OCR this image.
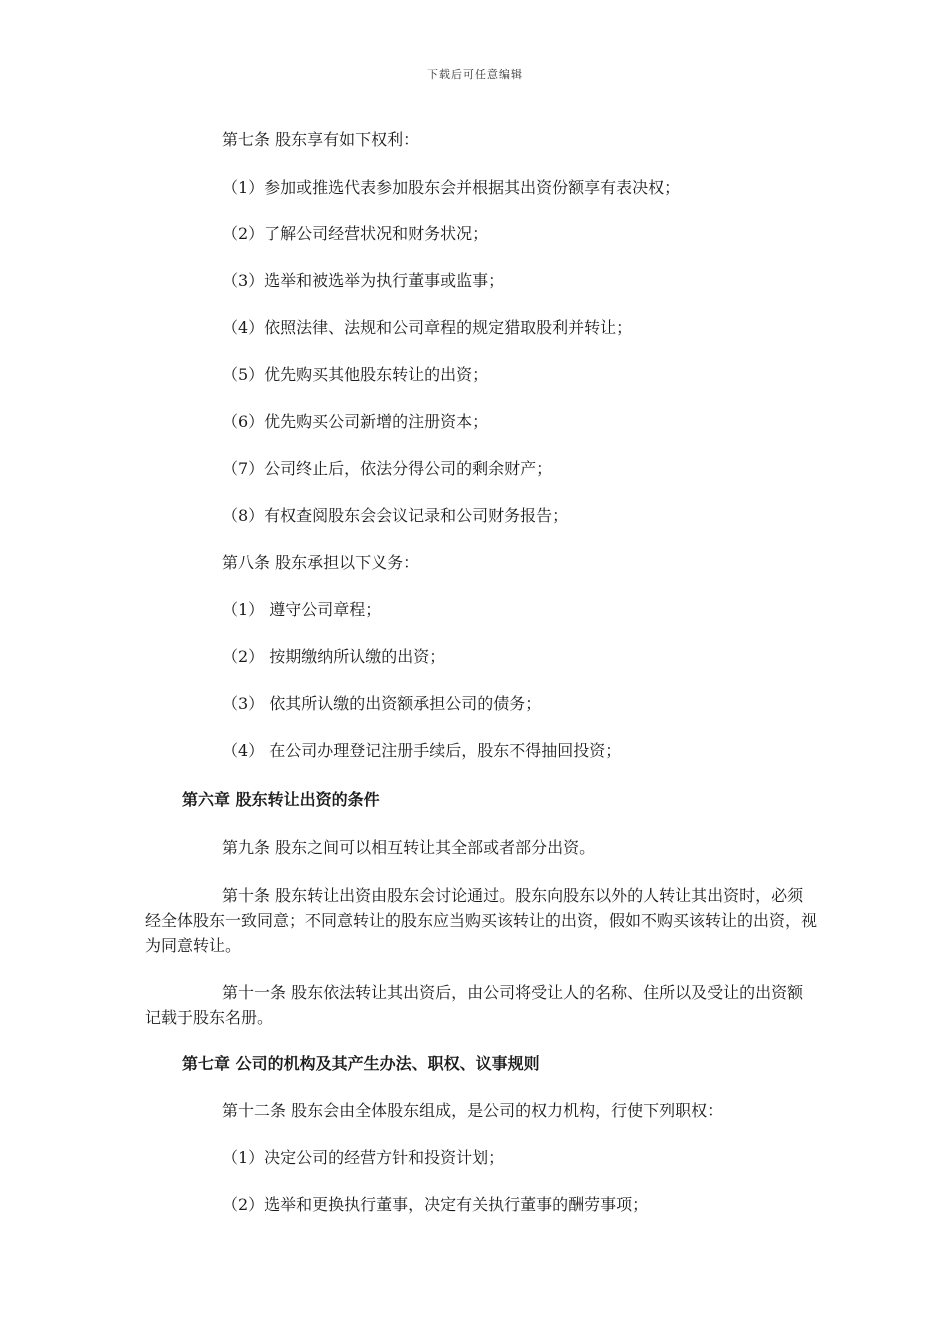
下载后可任意编辑
第七条 股东享有如下权利：
（1）参加或推选代表参加股东会并根据其出资份额享有表决权；
（2）了解公司经营状况和财务状况；
（3）选举和被选举为执行董事或监事；
（4）依照法律、法规和公司章程的规定猎取股利并转让；
（5）优先购买其他股东转让的出资；
（6）优先购买公司新增的注册资本；
（7）公司终止后，依法分得公司的剩余财产；
（8）有权查阅股东会会议记录和公司财务报告；
第八条 股东承担以下义务：
（1） 遵守公司章程；
（2） 按期缴纳所认缴的出资；
（3） 依其所认缴的出资额承担公司的债务；
（4） 在公司办理登记注册手续后，股东不得抽回投资；
第六章 股东转让出资的条件
第九条 股东之间可以相互转让其全部或者部分出资。
第十条 股东转让出资由股东会讨论通过。股东向股东以外的人转让其出资时，必须经全体股东一致同意；不同意转让的股东应当购买该转让的出资，假如不购买该转让的出资，视为同意转让。
第十一条 股东依法转让其出资后，由公司将受让人的名称、住所以及受让的出资额记载于股东名册。
第七章 公司的机构及其产生办法、职权、议事规则
第十二条 股东会由全体股东组成，是公司的权力机构，行使下列职权：
（1）决定公司的经营方针和投资计划；
（2）选举和更换执行董事，决定有关执行董事的酬劳事项；
